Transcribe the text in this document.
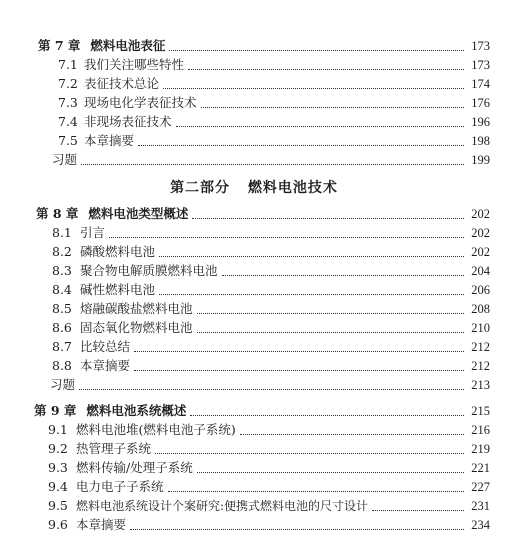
第 7 章 燃料电池表征	173
7.1 我们关注哪些特性	173
7.2 表征技术总论	174
7.3 现场电化学表征技术	176
7.4 非现场表征技术	196
7.5 本章摘要	198
习题	199
第二部分 燃料电池技术
第 8 章 燃料电池类型概述	202
8.1 引言	202
8.2 磷酸燃料电池	202
8.3 聚合物电解质膜燃料电池	204
8.4 碱性燃料电池	206
8.5 熔融碳酸盐燃料电池	208
8.6 固态氧化物燃料电池	210
8.7 比较总结	212
8.8 本章摘要	212
习题	213
第 9 章 燃料电池系统概述	215
9.1 燃料电池堆(燃料电池子系统)	216
9.2 热管理子系统	219
9.3 燃料传输/处理子系统	221
9.4 电力电子子系统	227
9.5 燃料电池系统设计个案研究:便携式燃料电池的尺寸设计	231
9.6 本章摘要	234
